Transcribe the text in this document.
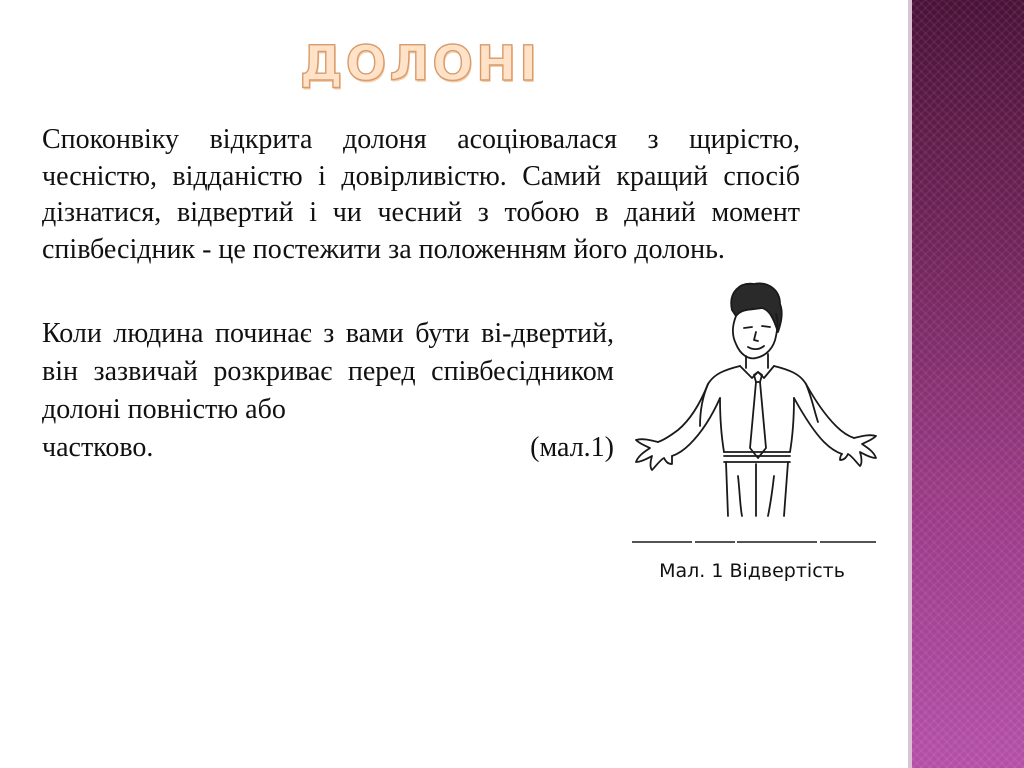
ДОЛОНІ
Споконвіку відкрита долоня асоціювалася з щирістю, чесністю, відданістю і довірливістю. Самий кращий спосіб дізнатися, відвертий і чи чесний з тобою в даний момент співбесідник - це постежити за положенням його долонь.
Коли людина починає з вами бути ві-двертий, він зазвичай розкриває перед співбесідником долоні повністю або
частково.	(мал.1)
Мал. 1 Відвертість
